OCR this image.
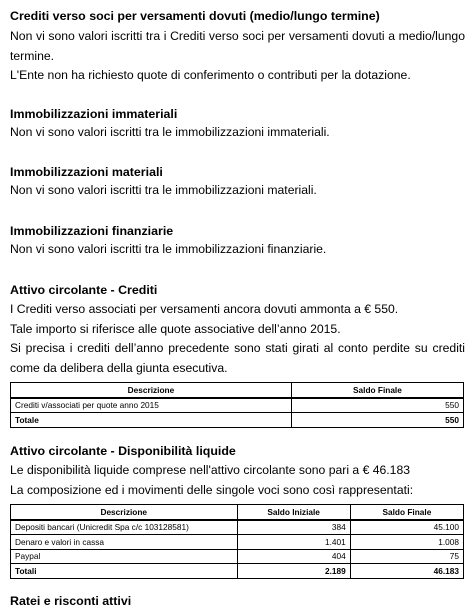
Crediti verso soci per versamenti dovuti (medio/lungo termine)

Non vi sono valori iscritti tra i Crediti verso soci per versamenti dovuti a medio/lungo termine.

L'Ente non ha richiesto quote di conferimento o contributi per la dotazione.

Immobilizzazioni immateriali

Non vi sono valori iscritti tra le immobilizzazioni immateriali.

Immobilizzazioni materiali

Non vi sono valori iscritti tra le immobilizzazioni materiali.

Immobilizzazioni finanziarie

Non vi sono valori iscritti tra le immobilizzazioni finanziarie.

Attivo circolante - Crediti

I Crediti verso associati per versamenti ancora dovuti ammonta a € 550.

Tale importo si riferisce alle quote associative dell’anno 2015.

Si precisa i crediti dell’anno precedente sono stati girati al conto perdite su crediti come da delibera della giunta esecutiva.

Descrizione	Saldo Finale
Crediti v/associati per quote anno 2015	550
Totale	550
Attivo circolante - Disponibilità liquide

Le disponibilità liquide comprese nell'attivo circolante sono pari a € 46.183

La composizione ed i movimenti delle singole voci sono così rappresentati:

Descrizione	Saldo Iniziale	Saldo Finale
Depositi bancari (Unicredit Spa c/c 103128581)	384	45.100
Denaro e valori in cassa	1.401	1.008
Paypal	404	75
Totali	2.189	46.183
Ratei e risconti attivi
